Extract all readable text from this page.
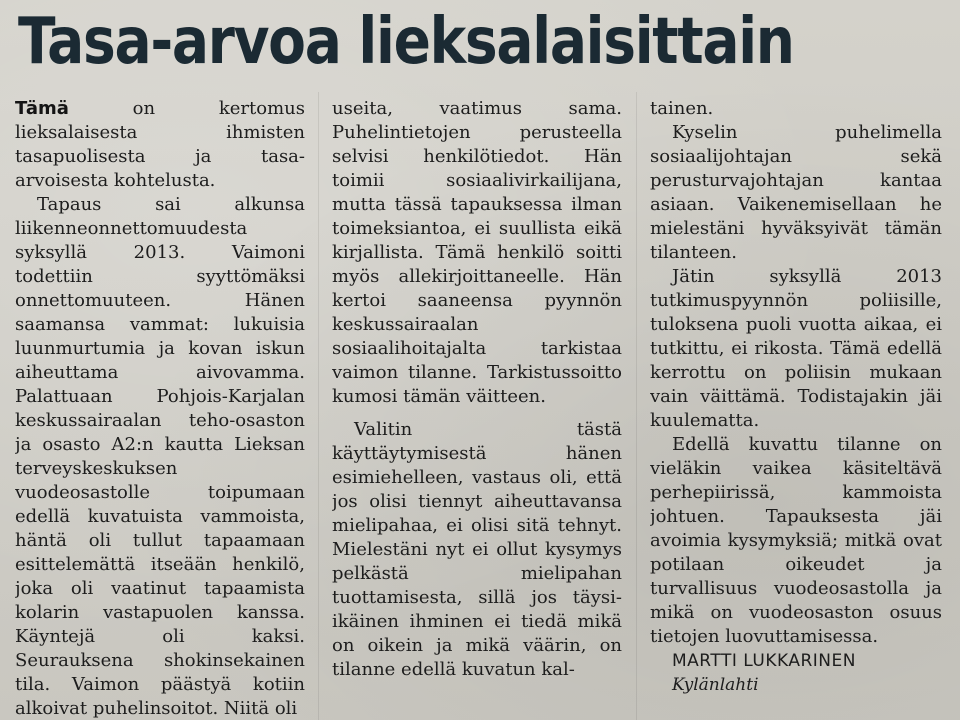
Tasa-arvoa lieksalaisittain

Tämä on kertomus lieksalaisesta ihmisten tasapuolisesta ja tasa-arvoisesta kohtelusta.

Tapaus sai alkunsa liikenneonnettomuudesta syksyllä 2013. Vaimoni todettiin syyttömäksi onnettomuuteen. Hänen saamansa vammat: lukuisia luunmurtumia ja kovan iskun aiheuttama aivovamma. Palattuaan Pohjois-Karjalan keskussairaalan teho-osaston ja osasto A2:n kautta Lieksan terveyskeskuksen vuodeosastolle toipumaan edellä kuvatuista vammoista, häntä oli tullut tapaamaan esittelemättä itseään henkilö, joka oli vaatinut tapaamista kolarin vastapuolen kanssa. Käyntejä oli kaksi. Seurauksena shokinsekainen tila. Vaimon päästyä kotiin alkoivat puhelinsoitot. Niitä oli

useita, vaatimus sama. Puhelintietojen perusteella selvisi henkilötiedot. Hän toimii sosiaalivirkailijana, mutta tässä tapauksessa ilman toimeksiantoa, ei suullista eikä kirjallista. Tämä henkilö soitti myös allekirjoittaneelle. Hän kertoi saaneensa pyynnön keskussairaalan sosiaalihoitajalta tarkistaa vaimon tilanne. Tarkistussoitto kumosi tämän väitteen.

Valitin tästä käyttäytymisestä hänen esimiehelleen, vastaus oli, että jos olisi tiennyt aiheuttavansa mielipahaa, ei olisi sitä tehnyt. Mielestäni nyt ei ollut kysymys pelkästä mielipahan tuottamisesta, sillä jos täysi-ikäinen ihminen ei tiedä mikä on oikein ja mikä väärin, on tilanne edellä kuvatun kal-

tainen.

Kyselin puhelimella sosiaalijohtajan sekä perusturvajohtajan kantaa asiaan. Vaikenemisellaan he mielestäni hyväksyivät tämän tilanteen.

Jätin syksyllä 2013 tutkimuspyynnön poliisille, tuloksena puoli vuotta aikaa, ei tutkittu, ei rikosta. Tämä edellä kerrottu on poliisin mukaan vain väittämä. Todistajakin jäi kuulematta.

Edellä kuvattu tilanne on vieläkin vaikea käsiteltävä perhepiirissä, kammoista johtuen. Tapauksesta jäi avoimia kysymyksiä; mitkä ovat potilaan oikeudet ja turvallisuus vuodeosastolla ja mikä on vuodeosaston osuus tietojen luovuttamisessa.

MARTTI LUKKARINEN

Kylänlahti
